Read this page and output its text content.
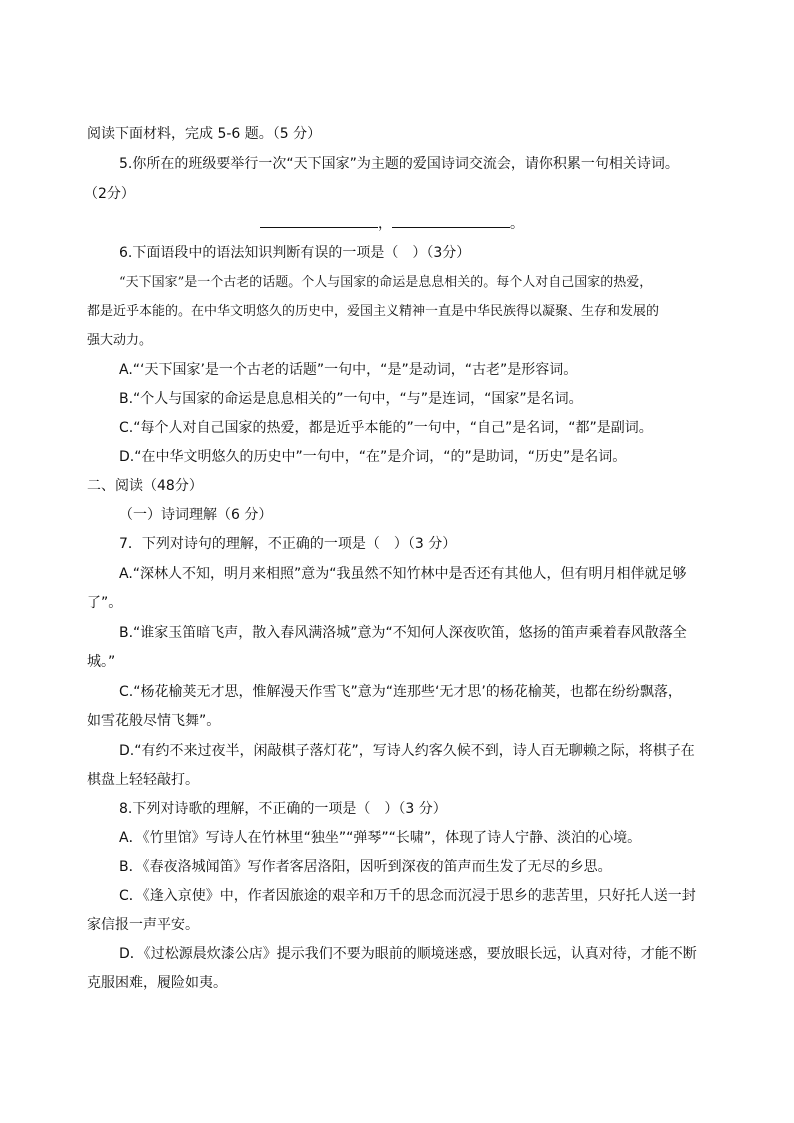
阅读下面材料，完成 5-6 题。（5 分）
5.你所在的班级要举行一次“天下国家”为主题的爱国诗词交流会，请你积累一句相关诗词。
（2分）
，	。
6.下面语段中的语法知识判断有误的一项是（　）（3分）
“天下国家”是一个古老的话题。个人与国家的命运是息息相关的。每个人对自己国家的热爱，
都是近乎本能的。在中华文明悠久的历史中，爱国主义精神一直是中华民族得以凝聚、生存和发展的
强大动力。
A.“‘天下国家’是一个古老的话题”一句中，“是”是动词，“古老”是形容词。
B.“个人与国家的命运是息息相关的”一句中，“与”是连词，“国家”是名词。
C.“每个人对自己国家的热爱，都是近乎本能的”一句中，“自己”是名词，“都”是副词。
D.“在中华文明悠久的历史中”一句中，“在”是介词，“的”是助词，“历史”是名词。
二、阅读（48分）
（一）诗词理解（6 分）
7．下列对诗句的理解，不正确的一项是（　）（3 分）
A.“深林人不知，明月来相照”意为“我虽然不知竹林中是否还有其他人，但有明月相伴就足够
了”。
B.“谁家玉笛暗飞声，散入春风满洛城”意为“不知何人深夜吹笛，悠扬的笛声乘着春风散落全
城。”
C.“杨花榆荚无才思，惟解漫天作雪飞”意为“连那些‘无才思’的杨花榆荚，也都在纷纷飘落，
如雪花般尽情飞舞”。
D.“有约不来过夜半，闲敲棋子落灯花”，写诗人约客久候不到，诗人百无聊赖之际，将棋子在
棋盘上轻轻敲打。
8.下列对诗歌的理解，不正确的一项是（　）（3 分）
A．《竹里馆》写诗人在竹林里“独坐”“弹琴”“长啸”，体现了诗人宁静、淡泊的心境。
B．《春夜洛城闻笛》写作者客居洛阳，因听到深夜的笛声而生发了无尽的乡思。
C．《逢入京使》中，作者因旅途的艰辛和万千的思念而沉浸于思乡的悲苦里，只好托人送一封
家信报一声平安。
D．《过松源晨炊漆公店》提示我们不要为眼前的顺境迷惑，要放眼长远，认真对待，才能不断
克服困难，履险如夷。
